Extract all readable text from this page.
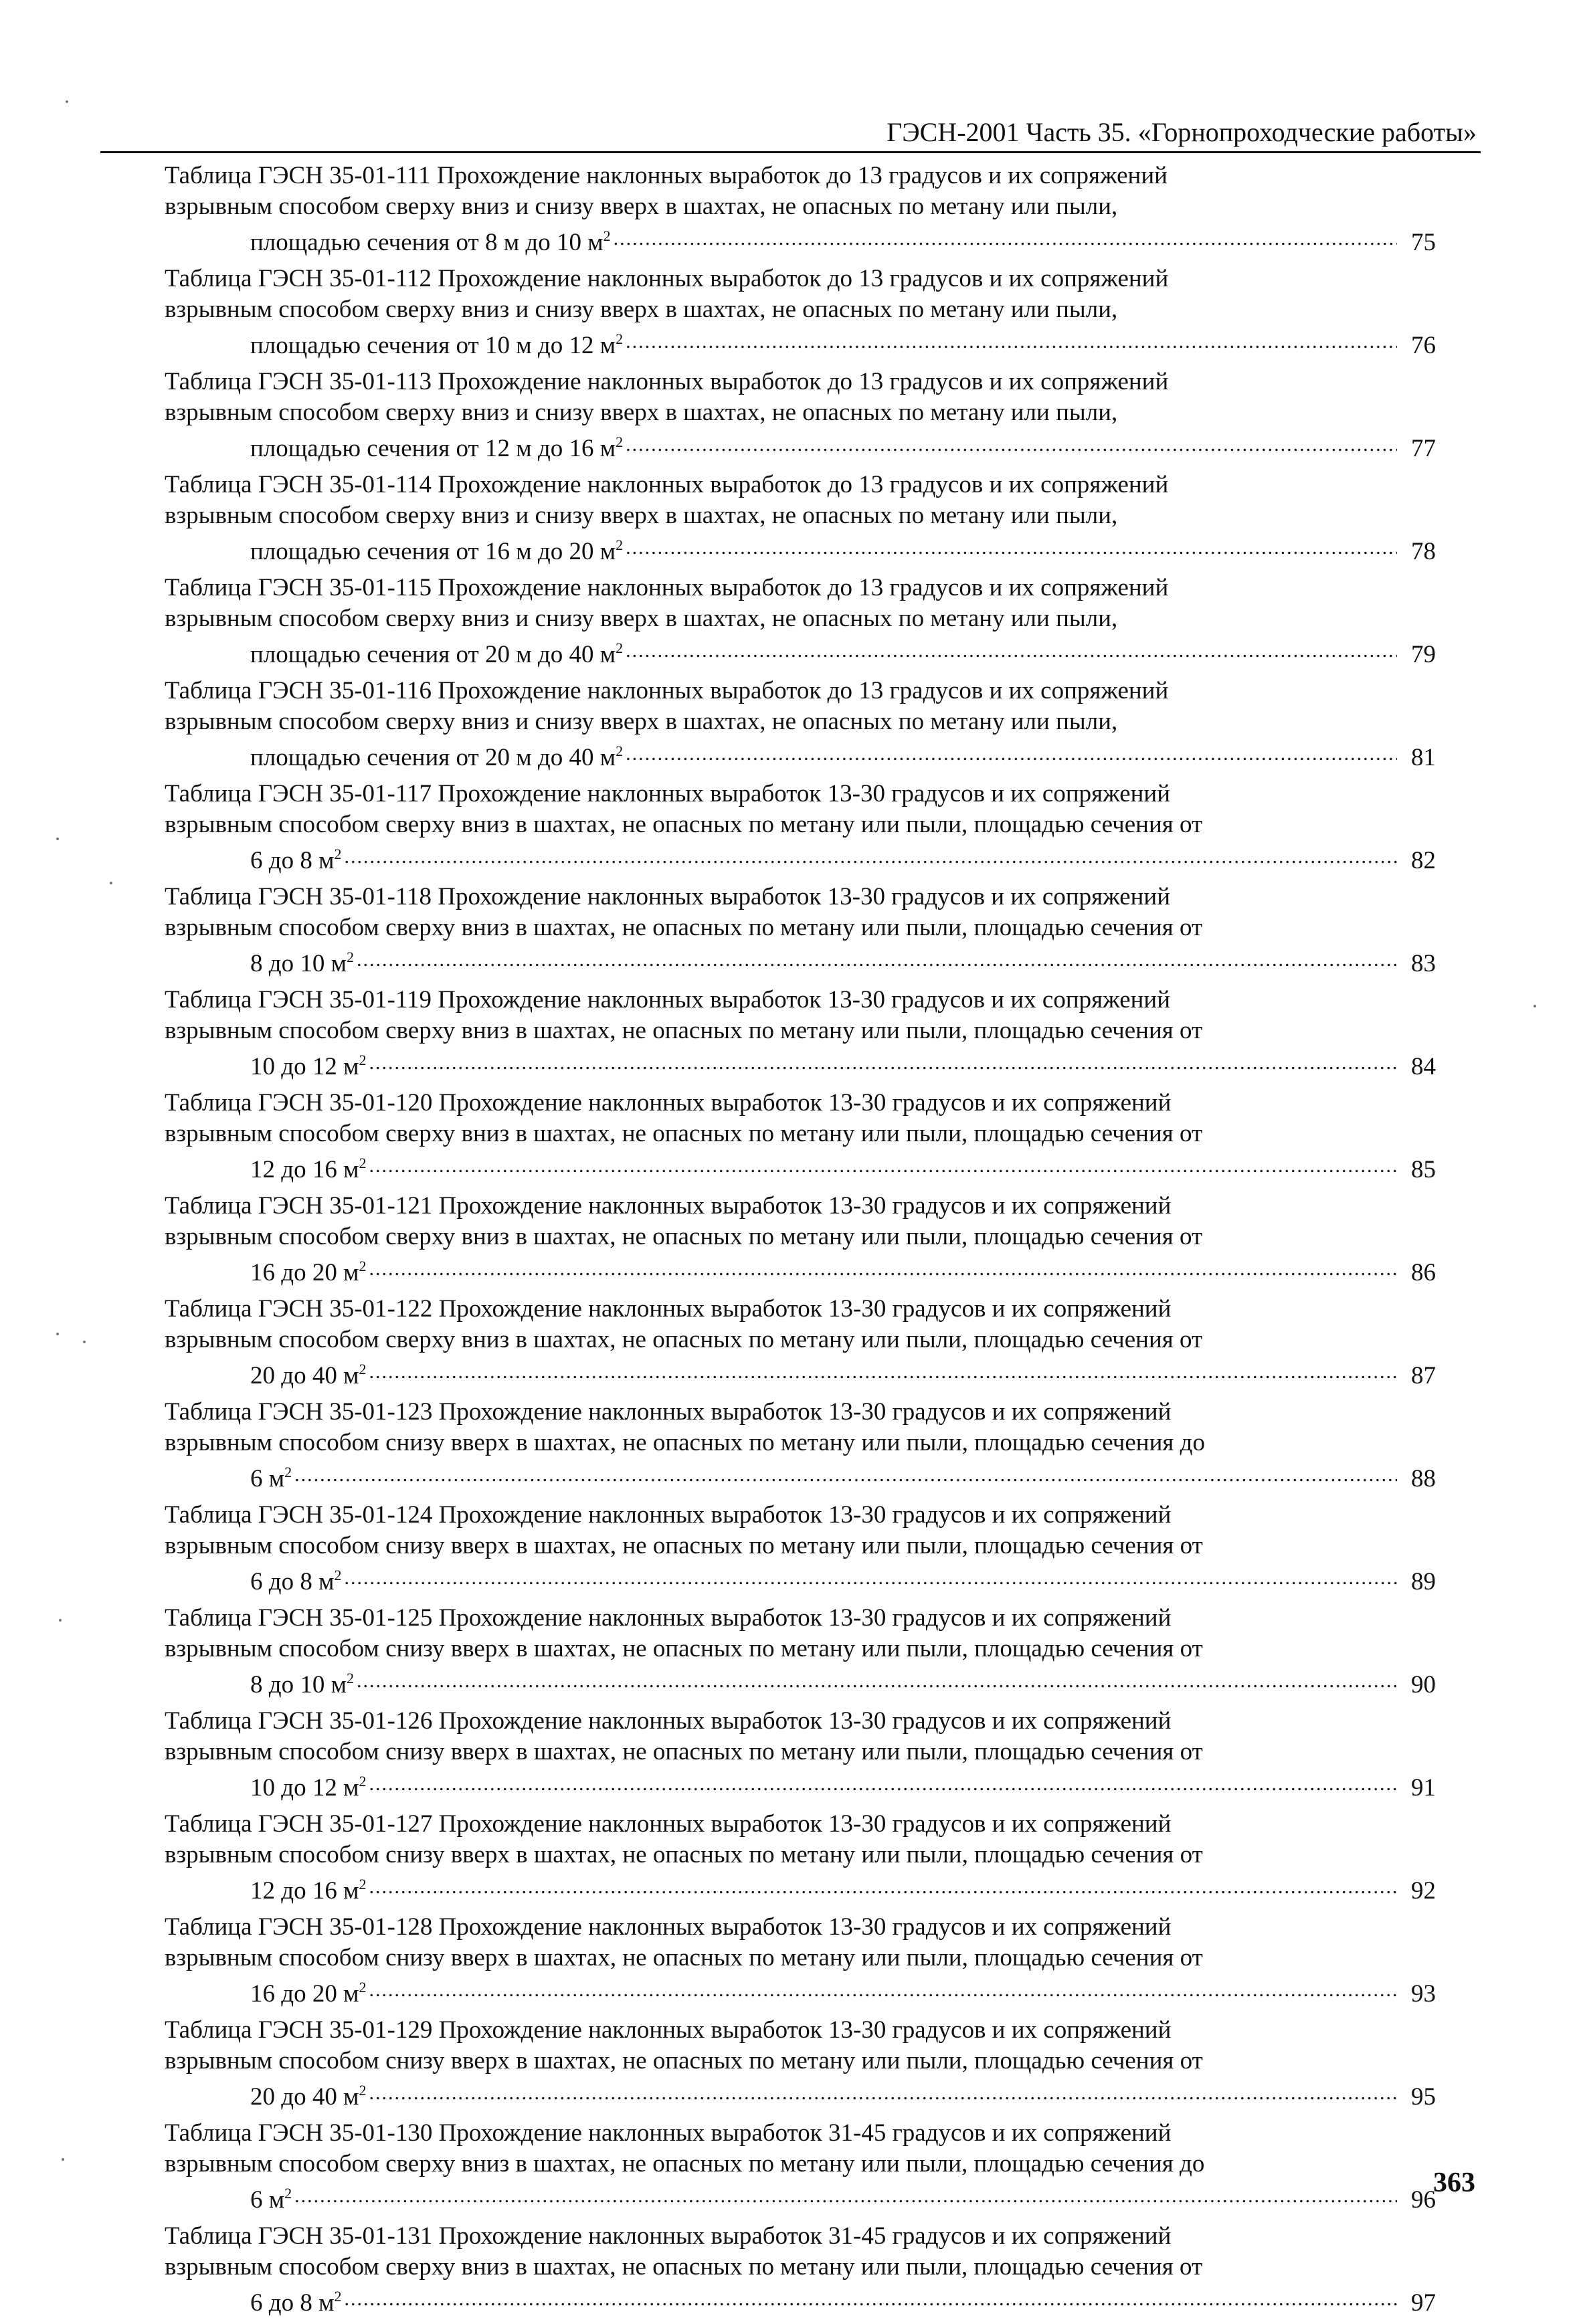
ГЭСН-2001 Часть 35. «Горнопроходческие работы»
Таблица ГЭСН 35-01-111 Прохождение наклонных выработок до 13 градусов и их сопряжений
взрывным способом сверху вниз и снизу вверх в шахтах, не опасных по метану или пыли,
площадью сечения от 8 м до 10 $м^2$ .....	75
Таблица ГЭСН 35-01-112 Прохождение наклонных выработок до 13 градусов и их сопряжений
взрывным способом сверху вниз и снизу вверх в шахтах, не опасных по метану или пыли,
площадью сечения от 10 м до 12 $м^2$ .....	76
Таблица ГЭСН 35-01-113 Прохождение наклонных выработок до 13 градусов и их сопряжений
взрывным способом сверху вниз и снизу вверх в шахтах, не опасных по метану или пыли,
площадью сечения от 12 м до 16 $м^2$ .....	77
Таблица ГЭСН 35-01-114 Прохождение наклонных выработок до 13 градусов и их сопряжений
взрывным способом сверху вниз и снизу вверх в шахтах, не опасных по метану или пыли,
площадью сечения от 16 м до 20 $м^2$ .....	78
Таблица ГЭСН 35-01-115 Прохождение наклонных выработок до 13 градусов и их сопряжений
взрывным способом сверху вниз и снизу вверх в шахтах, не опасных по метану или пыли,
площадью сечения от 20 м до 40 $м^2$ .....	79
Таблица ГЭСН 35-01-116 Прохождение наклонных выработок до 13 градусов и их сопряжений
взрывным способом сверху вниз и снизу вверх в шахтах, не опасных по метану или пыли,
площадью сечения от 20 м до 40 $м^2$ .....	81
Таблица ГЭСН 35-01-117 Прохождение наклонных выработок 13-30 градусов и их сопряжений
взрывным способом сверху вниз в шахтах, не опасных по метану или пыли, площадью сечения от
6 до 8 $м^2$ .....	82
Таблица ГЭСН 35-01-118 Прохождение наклонных выработок 13-30 градусов и их сопряжений
взрывным способом сверху вниз в шахтах, не опасных по метану или пыли, площадью сечения от
8 до 10 $м^2$ .....	83
Таблица ГЭСН 35-01-119 Прохождение наклонных выработок 13-30 градусов и их сопряжений
взрывным способом сверху вниз в шахтах, не опасных по метану или пыли, площадью сечения от
10 до 12 $м^2$ .....	84
Таблица ГЭСН 35-01-120 Прохождение наклонных выработок 13-30 градусов и их сопряжений
взрывным способом сверху вниз в шахтах, не опасных по метану или пыли, площадью сечения от
12 до 16 $м^2$ .....	85
Таблица ГЭСН 35-01-121 Прохождение наклонных выработок 13-30 градусов и их сопряжений
взрывным способом сверху вниз в шахтах, не опасных по метану или пыли, площадью сечения от
16 до 20 $м^2$ .....	86
Таблица ГЭСН 35-01-122 Прохождение наклонных выработок 13-30 градусов и их сопряжений
взрывным способом сверху вниз в шахтах, не опасных по метану или пыли, площадью сечения от
20 до 40 $м^2$ .....	87
Таблица ГЭСН 35-01-123 Прохождение наклонных выработок 13-30 градусов и их сопряжений
взрывным способом снизу вверх в шахтах, не опасных по метану или пыли, площадью сечения до
6 $м^2$ .....	88
Таблица ГЭСН 35-01-124 Прохождение наклонных выработок 13-30 градусов и их сопряжений
взрывным способом снизу вверх в шахтах, не опасных по метану или пыли, площадью сечения от
6 до 8 $м^2$ .....	89
Таблица ГЭСН 35-01-125 Прохождение наклонных выработок 13-30 градусов и их сопряжений
взрывным способом снизу вверх в шахтах, не опасных по метану или пыли, площадью сечения от
8 до 10 $м^2$ .....	90
Таблица ГЭСН 35-01-126 Прохождение наклонных выработок 13-30 градусов и их сопряжений
взрывным способом снизу вверх в шахтах, не опасных по метану или пыли, площадью сечения от
10 до 12 $м^2$ .....	91
Таблица ГЭСН 35-01-127 Прохождение наклонных выработок 13-30 градусов и их сопряжений
взрывным способом снизу вверх в шахтах, не опасных по метану или пыли, площадью сечения от
12 до 16 $м^2$ .....	92
Таблица ГЭСН 35-01-128 Прохождение наклонных выработок 13-30 градусов и их сопряжений
взрывным способом снизу вверх в шахтах, не опасных по метану или пыли, площадью сечения от
16 до 20 $м^2$ .....	93
Таблица ГЭСН 35-01-129 Прохождение наклонных выработок 13-30 градусов и их сопряжений
взрывным способом снизу вверх в шахтах, не опасных по метану или пыли, площадью сечения от
20 до 40 $м^2$ .....	95
Таблица ГЭСН 35-01-130 Прохождение наклонных выработок 31-45 градусов и их сопряжений
взрывным способом сверху вниз в шахтах, не опасных по метану или пыли, площадью сечения до
6 $м^2$ .....	96
Таблица ГЭСН 35-01-131 Прохождение наклонных выработок 31-45 градусов и их сопряжений
взрывным способом сверху вниз в шахтах, не опасных по метану или пыли, площадью сечения от
6 до 8 $м^2$ .....	97
363
